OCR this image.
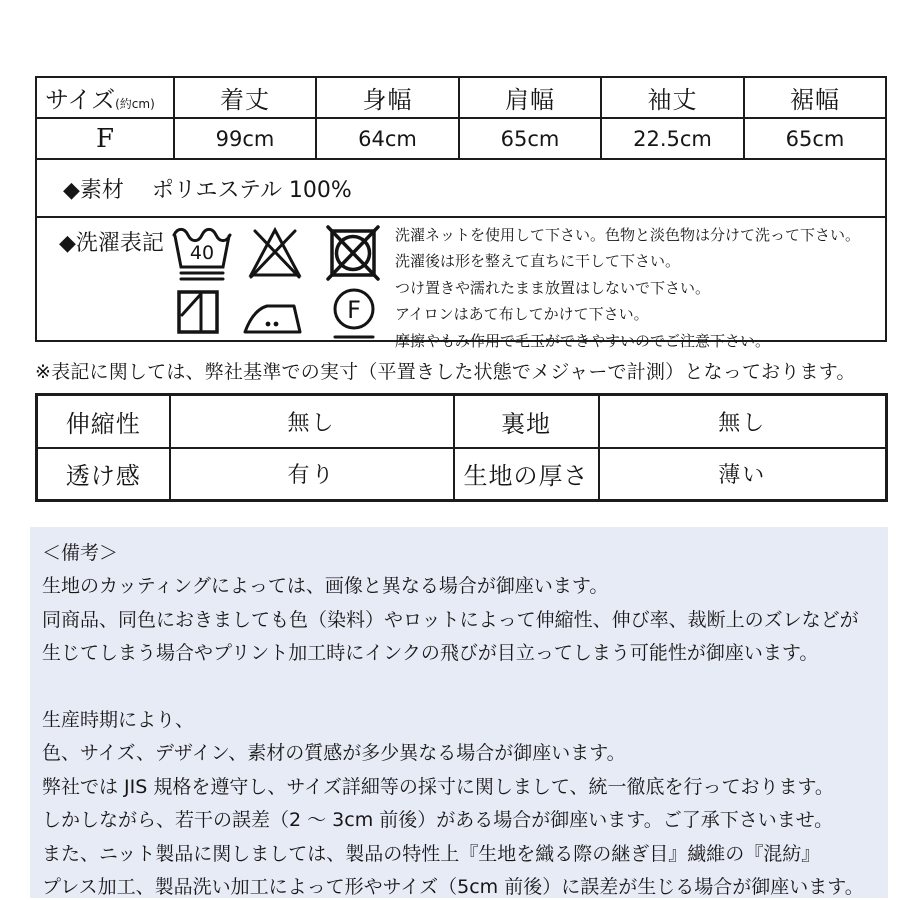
サイズ(約cm)	着丈	身幅	肩幅	袖丈	裾幅
F	99cm	64cm	65cm	22.5cm	65cm
◆素材 ポリエステル 100%					

◆洗濯表記 40
F
洗濯ネットを使用して下さい。色物と淡色物は分けて洗って下さい。
洗濯後は形を整えて直ちに干して下さい。
つけ置きや濡れたまま放置はしないで下さい。
アイロンはあて布してかけて下さい。
摩擦やもみ作用で毛玉ができやすいのでご注意下さい。
※表記に関しては、弊社基準での実寸（平置きした状態でメジャーで計測）となっております。
伸縮性	無し	裏地	無し
透け感	有り	生地の厚さ	薄い
＜備考＞
生地のカッティングによっては、画像と異なる場合が御座います。
同商品、同色におきましても色（染料）やロットによって伸縮性、伸び率、裁断上のズレなどが
生じてしまう場合やプリント加工時にインクの飛びが目立ってしまう可能性が御座います。
生産時期により、
色、サイズ、デザイン、素材の質感が多少異なる場合が御座います。
弊社では JIS 規格を遵守し、サイズ詳細等の採寸に関しまして、統一徹底を行っております。
しかしながら、若干の誤差（2 ～ 3cm 前後）がある場合が御座います。ご了承下さいませ。
また、ニット製品に関しましては、製品の特性上『生地を織る際の継ぎ目』繊維の『混紡』
プレス加工、製品洗い加工によって形やサイズ（5cm 前後）に誤差が生じる場合が御座います。
